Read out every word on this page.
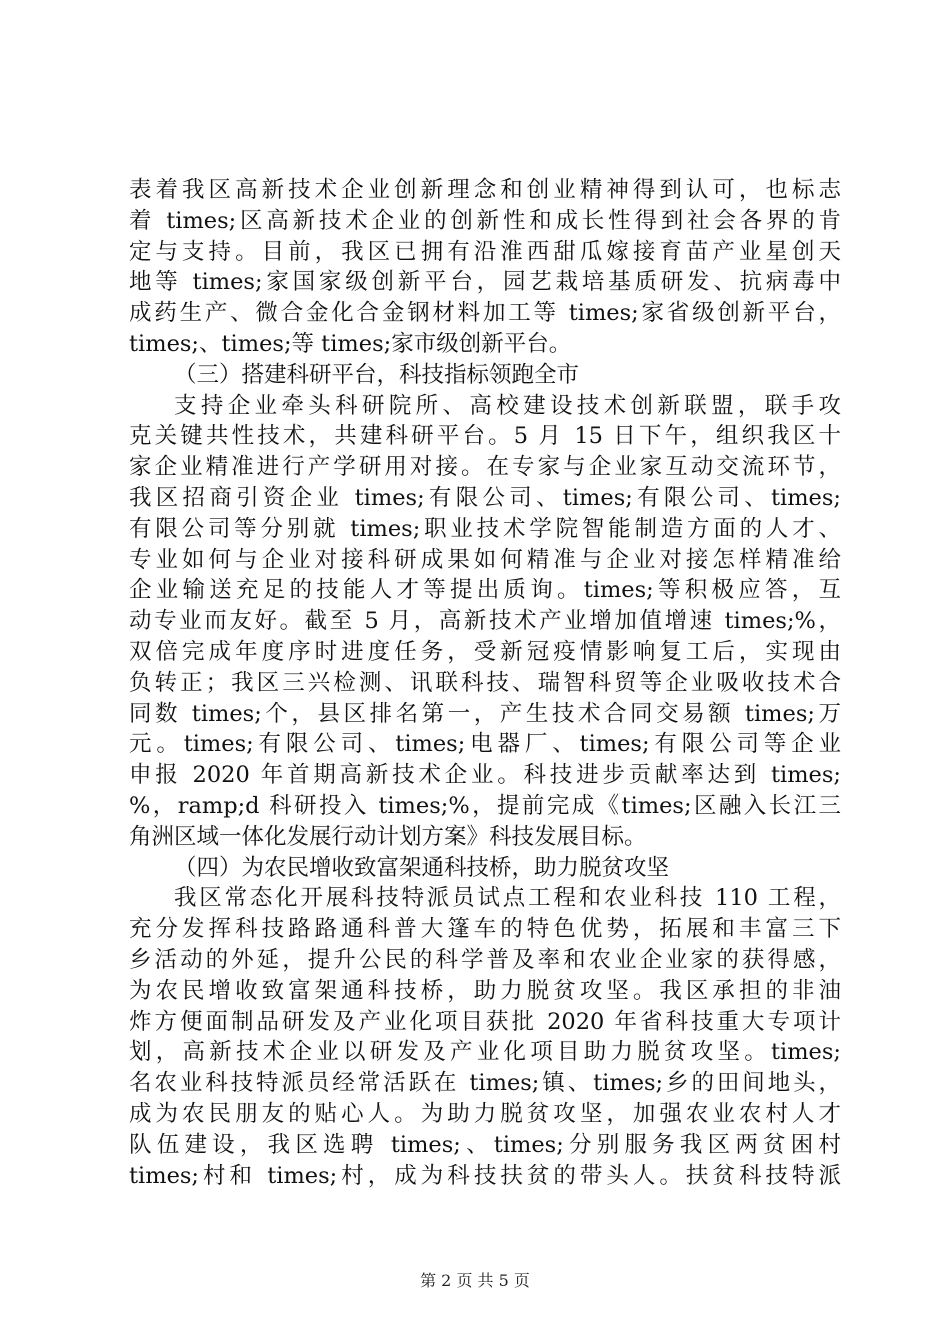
表着我区高新技术企业创新理念和创业精神得到认可，也标志
着 times;区高新技术企业的创新性和成长性得到社会各界的肯
定与支持。目前，我区已拥有沿淮西甜瓜嫁接育苗产业星创天
地等 times;家国家级创新平台，园艺栽培基质研发、抗病毒中
成药生产、微合金化合金钢材料加工等 times;家省级创新平台，
times;、times;等 times;家市级创新平台。
（三）搭建科研平台，科技指标领跑全市
支持企业牵头科研院所、高校建设技术创新联盟，联手攻
克关键共性技术，共建科研平台。5 月 15 日下午，组织我区十
家企业精准进行产学研用对接。在专家与企业家互动交流环节，
我区招商引资企业 times;有限公司、times;有限公司、times;
有限公司等分别就 times;职业技术学院智能制造方面的人才、
专业如何与企业对接科研成果如何精准与企业对接怎样精准给
企业输送充足的技能人才等提出质询。times;等积极应答，互
动专业而友好。截至 5 月，高新技术产业增加值增速 times;%，
双倍完成年度序时进度任务，受新冠疫情影响复工后，实现由
负转正；我区三兴检测、讯联科技、瑞智科贸等企业吸收技术合
同数 times;个，县区排名第一，产生技术合同交易额 times;万
元。times;有限公司、times;电器厂、times;有限公司等企业
申报 2020 年首期高新技术企业。科技进步贡献率达到 times;
%，ramp;d 科研投入 times;%，提前完成《times;区融入长江三
角洲区域一体化发展行动计划方案》科技发展目标。
（四）为农民增收致富架通科技桥，助力脱贫攻坚
我区常态化开展科技特派员试点工程和农业科技 110 工程，
充分发挥科技路路通科普大篷车的特色优势，拓展和丰富三下
乡活动的外延，提升公民的科学普及率和农业企业家的获得感，
为农民增收致富架通科技桥，助力脱贫攻坚。我区承担的非油
炸方便面制品研发及产业化项目获批 2020 年省科技重大专项计
划，高新技术企业以研发及产业化项目助力脱贫攻坚。times;
名农业科技特派员经常活跃在 times;镇、times;乡的田间地头，
成为农民朋友的贴心人。为助力脱贫攻坚，加强农业农村人才
队伍建设，我区选聘 times;、times;分别服务我区两贫困村
times;村和 times;村，成为科技扶贫的带头人。扶贫科技特派
第 2 页 共 5 页
